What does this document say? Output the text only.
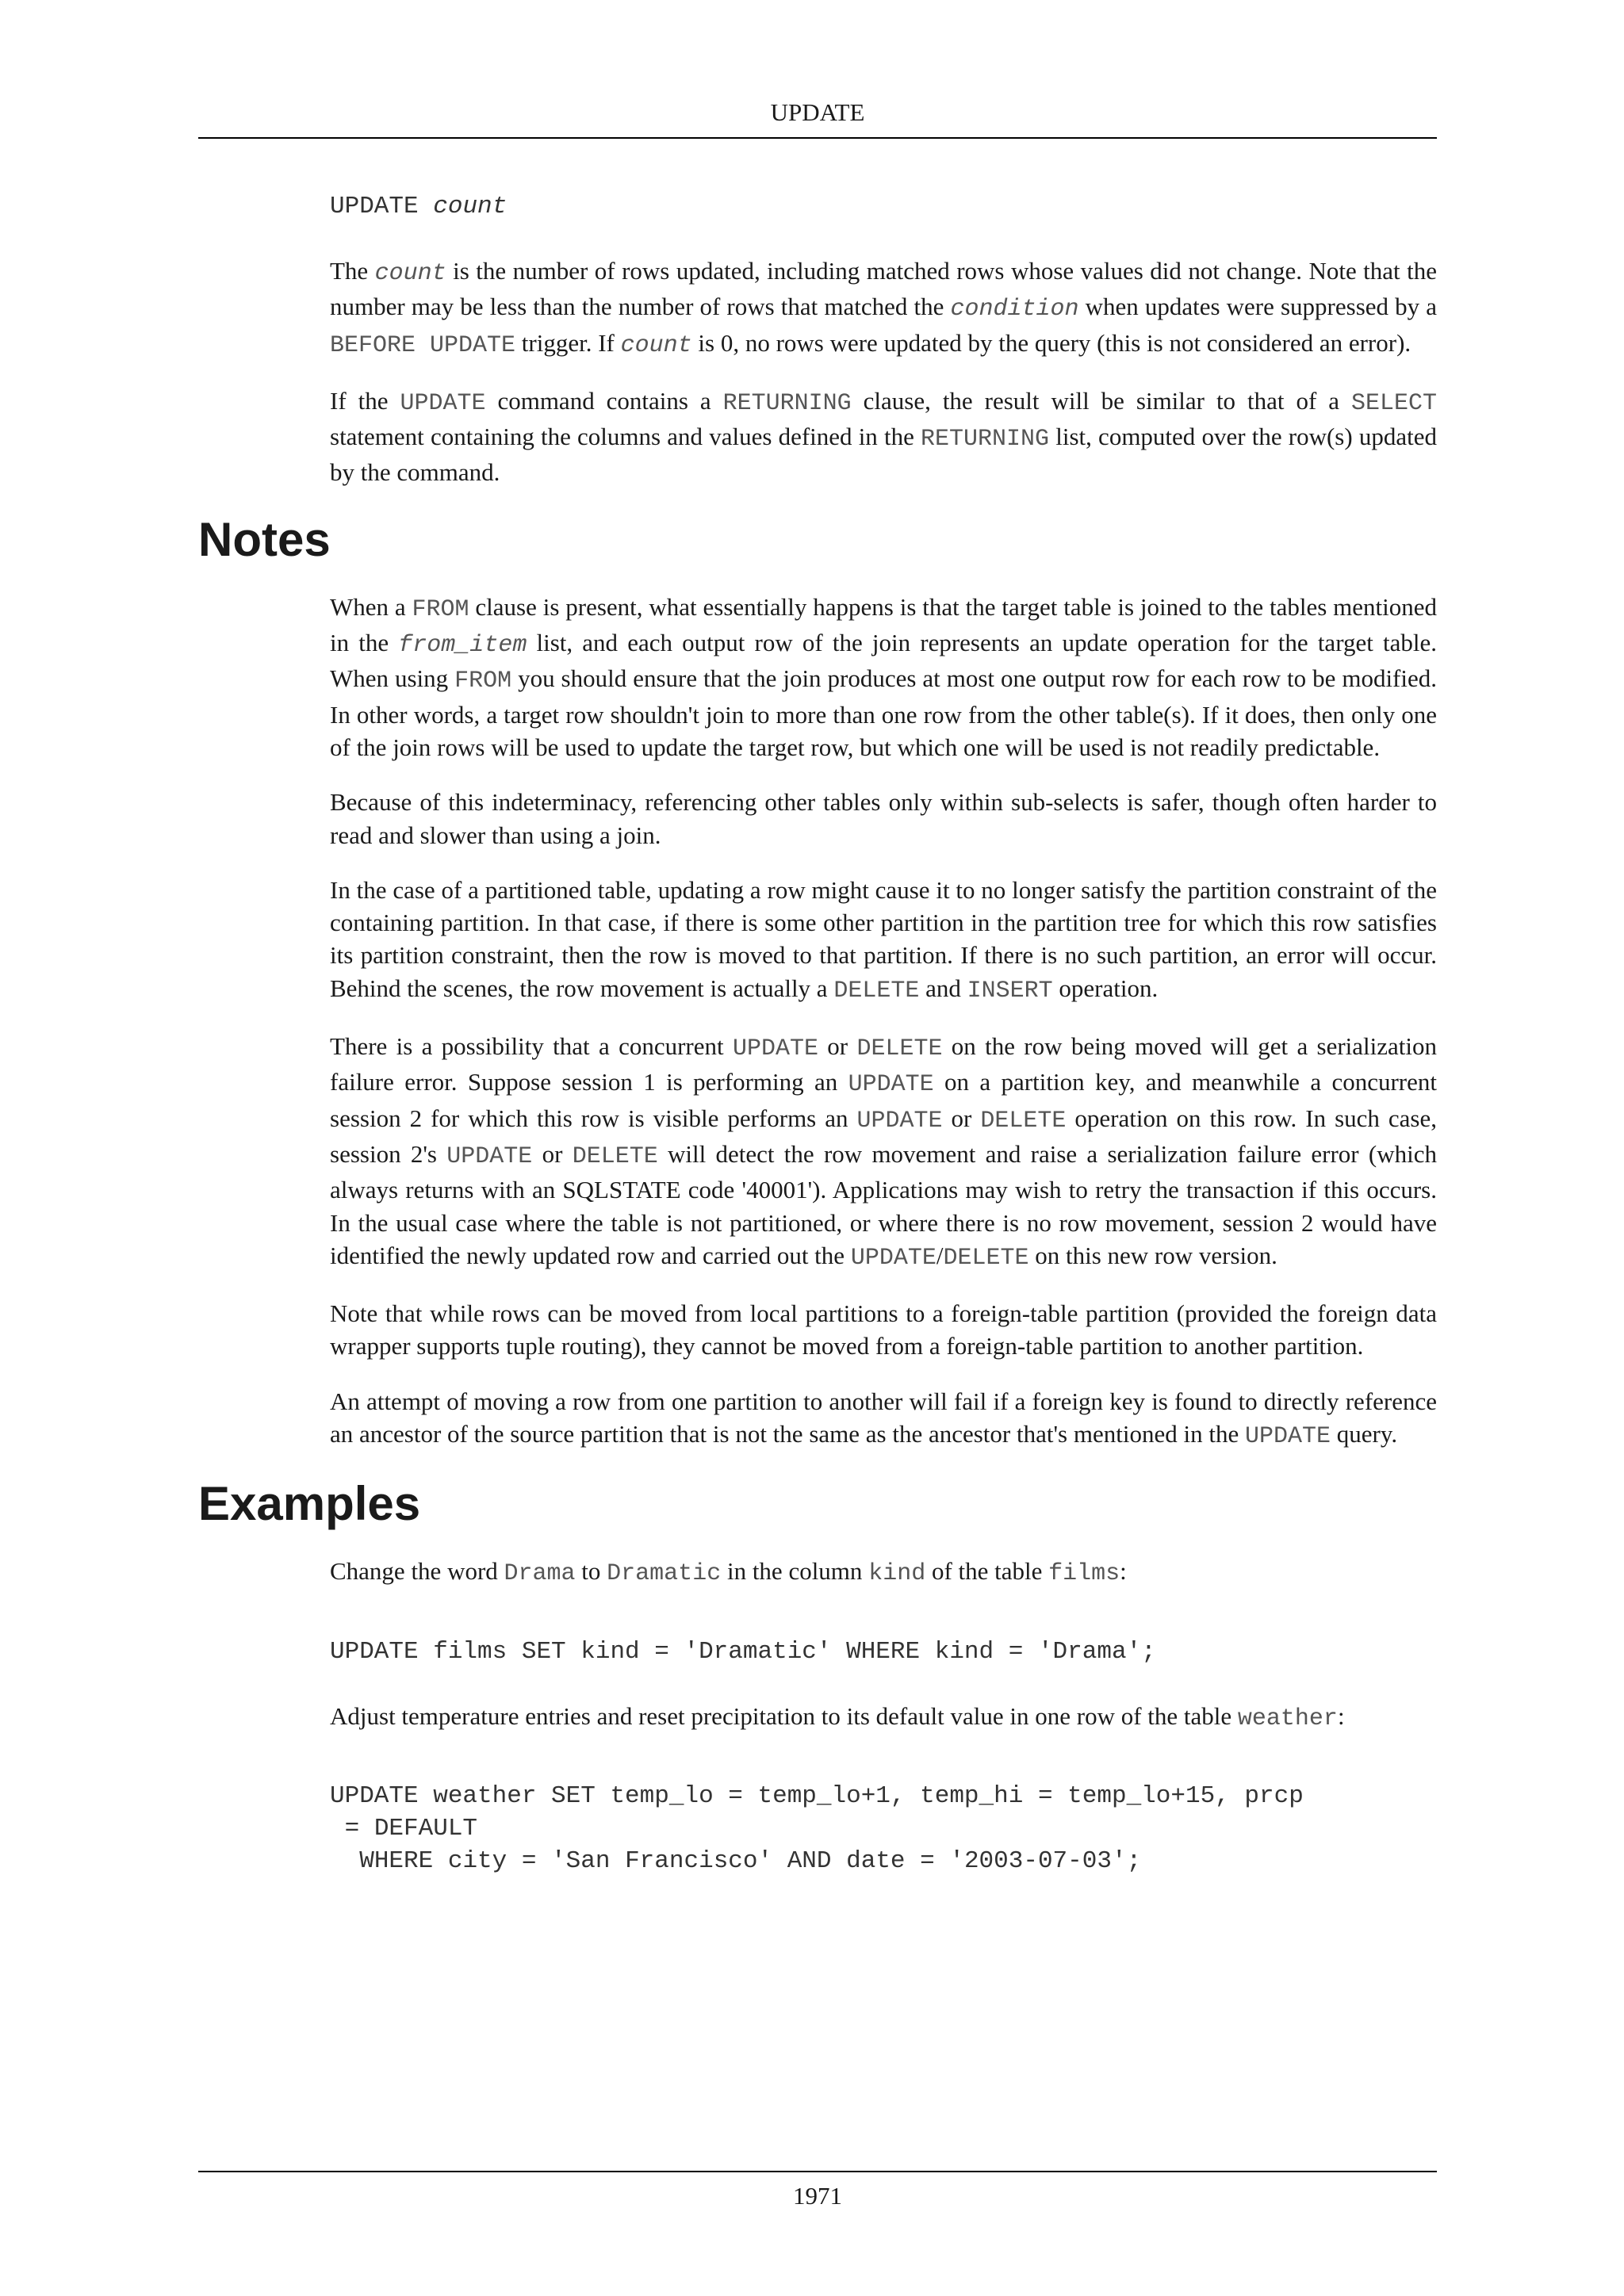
UPDATE
UPDATE count

The count is the number of rows updated, including matched rows whose values did not change. Note that the number may be less than the number of rows that matched the condition when updates were suppressed by a BEFORE UPDATE trigger. If count is 0, no rows were updated by the query (this is not considered an error).

If the UPDATE command contains a RETURNING clause, the result will be similar to that of a SELECT statement containing the columns and values defined in the RETURNING list, computed over the row(s) updated by the command.

Notes

When a FROM clause is present, what essentially happens is that the target table is joined to the tables mentioned in the from_item list, and each output row of the join represents an update operation for the target table. When using FROM you should ensure that the join produces at most one output row for each row to be modified. In other words, a target row shouldn't join to more than one row from the other table(s). If it does, then only one of the join rows will be used to update the target row, but which one will be used is not readily predictable.

Because of this indeterminacy, referencing other tables only within sub-selects is safer, though often harder to read and slower than using a join.

In the case of a partitioned table, updating a row might cause it to no longer satisfy the partition constraint of the containing partition. In that case, if there is some other partition in the partition tree for which this row satisfies its partition constraint, then the row is moved to that partition. If there is no such partition, an error will occur. Behind the scenes, the row movement is actually a DELETE and INSERT operation.

There is a possibility that a concurrent UPDATE or DELETE on the row being moved will get a serialization failure error. Suppose session 1 is performing an UPDATE on a partition key, and meanwhile a concurrent session 2 for which this row is visible performs an UPDATE or DELETE operation on this row. In such case, session 2's UPDATE or DELETE will detect the row movement and raise a serialization failure error (which always returns with an SQLSTATE code '40001'). Applications may wish to retry the transaction if this occurs. In the usual case where the table is not partitioned, or where there is no row movement, session 2 would have identified the newly updated row and carried out the UPDATE/DELETE on this new row version.

Note that while rows can be moved from local partitions to a foreign-table partition (provided the foreign data wrapper supports tuple routing), they cannot be moved from a foreign-table partition to another partition.

An attempt of moving a row from one partition to another will fail if a foreign key is found to directly reference an ancestor of the source partition that is not the same as the ancestor that's mentioned in the UPDATE query.

Examples

Change the word Drama to Dramatic in the column kind of the table films:

UPDATE films SET kind = 'Dramatic' WHERE kind = 'Drama';

Adjust temperature entries and reset precipitation to its default value in one row of the table weather:

UPDATE weather SET temp_lo = temp_lo+1, temp_hi = temp_lo+15, prcp
= DEFAULT
WHERE city = 'San Francisco' AND date = '2003-07-03';
1971
